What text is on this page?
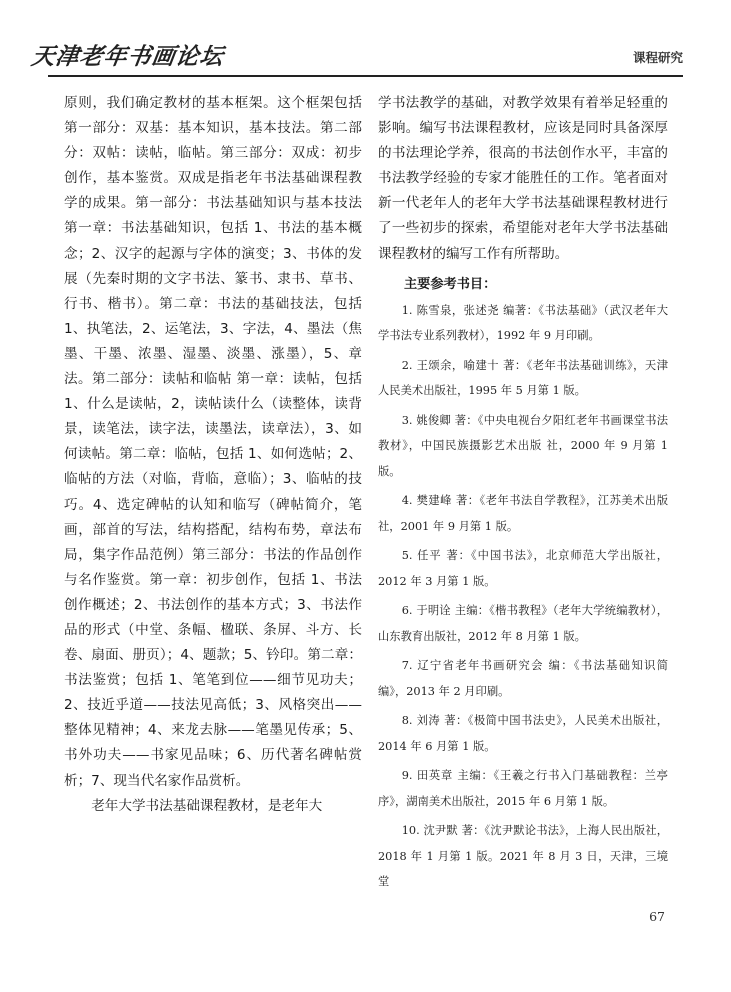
天津老年书画论坛	课程研究

原则，我们确定教材的基本框架。这个框架包括第一部分：双基：基本知识，基本技法。第二部分：双帖：读帖，临帖。第三部分：双成：初步创作，基本鉴赏。双成是指老年书法基础课程教学的成果。第一部分：书法基础知识与基本技法第一章：书法基础知识，包括 1、书法的基本概念；2、汉字的起源与字体的演变；3、书体的发展（先秦时期的文字书法、篆书、隶书、草书、行书、楷书）。第二章：书法的基础技法，包括 1、执笔法，2、运笔法，3、字法，4、墨法（焦墨、干墨、浓墨、湿墨、淡墨、涨墨），5、章法。第二部分：读帖和临帖 第一章：读帖，包括 1、什么是读帖，2，读帖读什么（读整体，读背景，读笔法，读字法，读墨法，读章法），3、如何读帖。第二章：临帖，包括 1、如何选帖；2、临帖的方法（对临，背临，意临）；3、临帖的技巧。4、选定碑帖的认知和临写（碑帖简介，笔画，部首的写法，结构搭配，结构布势，章法布局，集字作品范例）第三部分：书法的作品创作与名作鉴赏。第一章：初步创作，包括 1、书法创作概述；2、书法创作的基本方式；3、书法作品的形式（中堂、条幅、楹联、条屏、斗方、长卷、扇面、册页）；4、题款；5、钤印。第二章：书法鉴赏；包括 1、笔笔到位——细节见功夫；2、技近乎道——技法见高低；3、风格突出——整体见精神；4、来龙去脉——笔墨见传承；5、书外功夫——书家见品味；6、历代著名碑帖赏析；7、现当代名家作品赏析。

老年大学书法基础课程教材，是老年大

学书法教学的基础，对教学效果有着举足轻重的影响。编写书法课程教材，应该是同时具备深厚的书法理论学养，很高的书法创作水平，丰富的书法教学经验的专家才能胜任的工作。笔者面对新一代老年人的老年大学书法基础课程教材进行了一些初步的探索，希望能对老年大学书法基础课程教材的编写工作有所帮助。

主要参考书目：

1. 陈雪泉，张述尧 编著：《书法基础》（武汉老年大学书法专业系列教材），1992 年 9 月印刷。

2. 王颂余，喻建十 著：《老年书法基础训练》，天津人民美术出版社，1995 年 5 月第 1 版。

3. 姚俊卿 著：《中央电视台夕阳红老年书画课堂书法教材》，中国民族摄影艺术出版 社，2000 年 9 月第 1 版。

4. 樊建峰 著：《老年书法自学教程》，江苏美术出版社，2001 年 9 月第 1 版。

5. 任平 著：《中国书法》，北京师范大学出版社，2012 年 3 月第 1 版。

6. 于明诠 主编：《楷书教程》（老年大学统编教材），山东教育出版社，2012 年 8 月第 1 版。

7. 辽宁省老年书画研究会 编：《书法基础知识简编》，2013 年 2 月印刷。

8. 刘涛 著：《极简中国书法史》，人民美术出版社，2014 年 6 月第 1 版。

9. 田英章 主编：《王羲之行书入门基础教程：兰亭序》，湖南美术出版社，2015 年 6 月第 1 版。

10. 沈尹默 著：《沈尹默论书法》，上海人民出版社，2018 年 1 月第 1 版。2021 年 8 月 3 日，天津，三境堂

67
